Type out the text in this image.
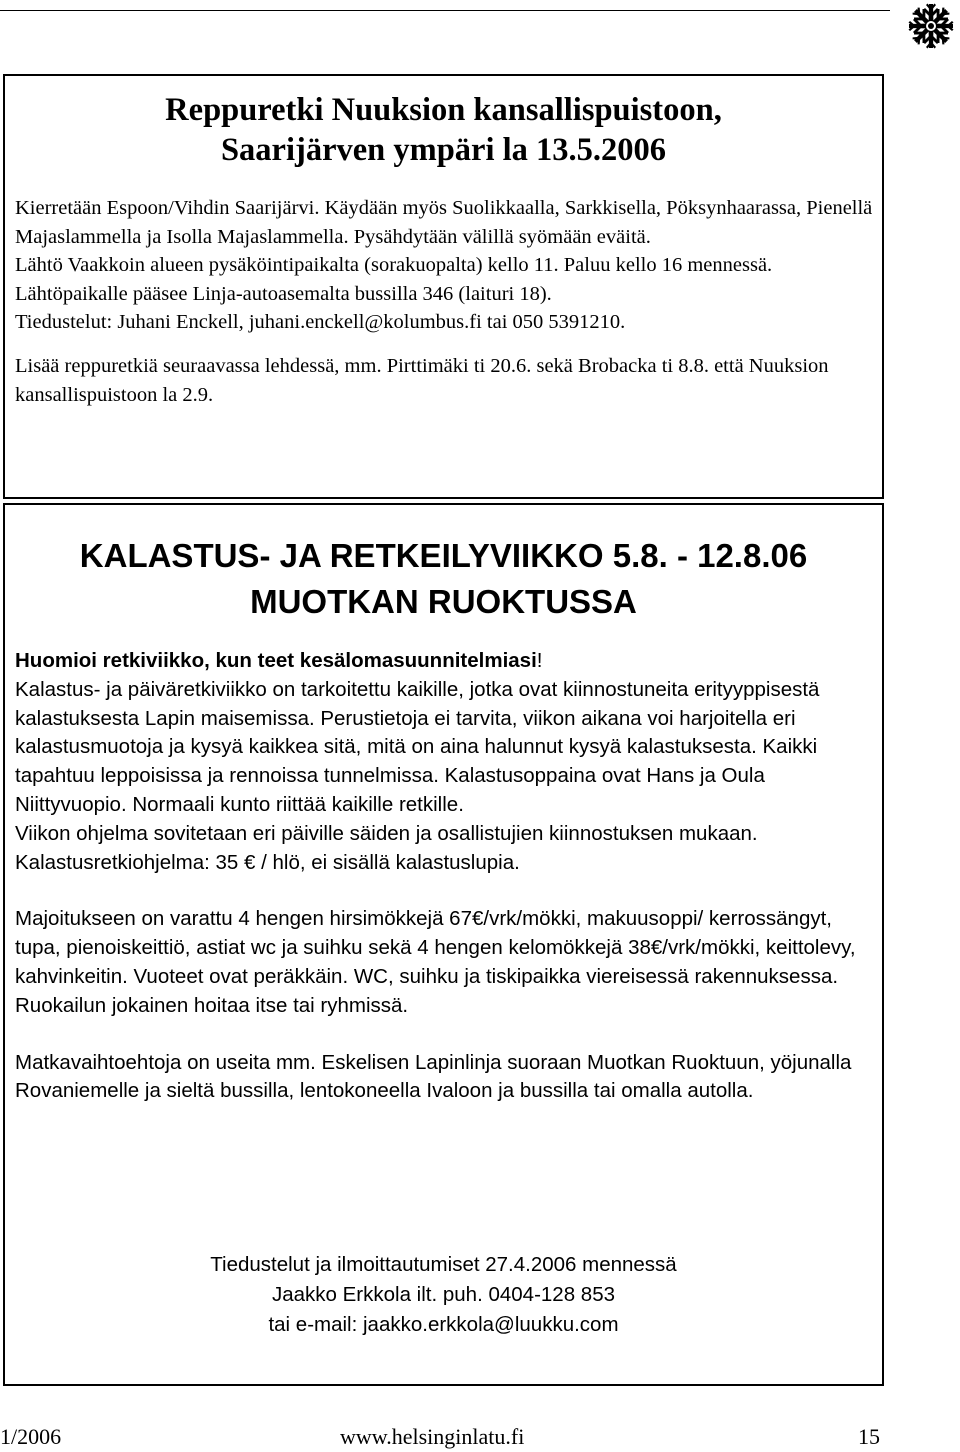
Reppuretki Nuuksion kansallispuistoon,
Saarijärven ympäri la 13.5.2006

Kierretään Espoon/Vihdin Saarijärvi. Käydään myös Suolikkaalla, Sarkkisella, Pöksynhaarassa, Pienellä Majaslammella ja Isolla Majaslammella. Pysähdytään välillä syömään eväitä.

Lähtö Vaakkoin alueen pysäköintipaikalta (sorakuopalta) kello 11. Paluu kello 16 mennessä.

Lähtöpaikalle pääsee Linja-autoasemalta bussilla 346 (laituri 18).

Tiedustelut: Juhani Enckell, juhani.enckell@kolumbus.fi tai 050 5391210.

Lisää reppuretkiä seuraavassa lehdessä, mm. Pirttimäki ti 20.6. sekä Brobacka ti 8.8. että Nuuksion kansallispuistoon la 2.9.

KALASTUS- JA RETKEILYVIIKKO 5.8. - 12.8.06
MUOTKAN RUOKTUSSA

Huomioi retkiviikko, kun teet kesälomasuunnitelmiasi!

Kalastus- ja päiväretkiviikko on tarkoitettu kaikille, jotka ovat kiinnostuneita erityyppisestä kalastuksesta Lapin maisemissa. Perustietoja ei tarvita, viikon aikana voi harjoitella eri kalastusmuotoja ja kysyä kaikkea sitä, mitä on aina halunnut kysyä kalastuksesta. Kaikki tapahtuu leppoisissa ja rennoissa tunnelmissa. Kalastusoppaina ovat Hans ja Oula Niittyvuopio. Normaali kunto riittää kaikille retkille.

Viikon ohjelma sovitetaan eri päiville säiden ja osallistujien kiinnostuksen mukaan.

Kalastusretkiohjelma: 35 € / hlö, ei sisällä kalastuslupia.

Majoitukseen on varattu 4 hengen hirsimökkejä 67€/vrk/mökki, makuusoppi/ kerrossängyt, tupa, pienoiskeittiö, astiat wc ja suihku sekä 4 hengen kelomökkejä 38€/vrk/mökki, keittolevy, kahvinkeitin. Vuoteet ovat peräkkäin. WC, suihku ja tiskipaikka viereisessä rakennuksessa.

Ruokailun jokainen hoitaa itse tai ryhmissä.

Matkavaihtoehtoja on useita mm. Eskelisen Lapinlinja suoraan Muotkan Ruoktuun, yöjunalla Rovaniemelle ja sieltä bussilla, lentokoneella Ivaloon ja bussilla tai omalla autolla.

Tiedustelut ja ilmoittautumiset 27.4.2006 mennessä

Jaakko Erkkola ilt. puh. 0404-128 853

tai e-mail: jaakko.erkkola@luukku.com

1/2006	www.helsinginlatu.fi	15
